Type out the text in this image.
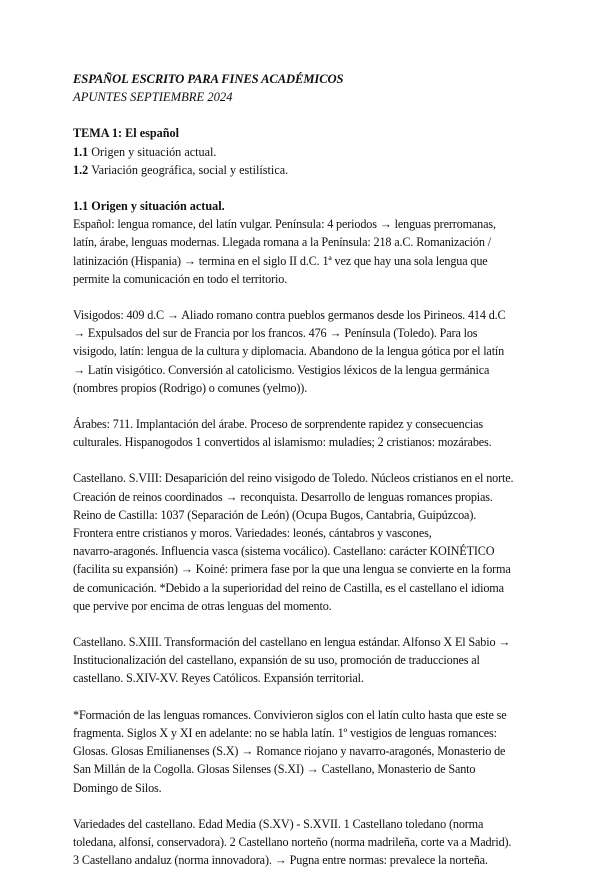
ESPAÑOL ESCRITO PARA FINES ACADÉMICOS

APUNTES SEPTIEMBRE 2024

TEMA 1: El español

1.1 Origen y situación actual.

1.2 Variación geográfica, social y estilística.

1.1 Origen y situación actual.

Español: lengua romance, del latín vulgar. Península: 4 periodos → lenguas prerromanas,
latín, árabe, lenguas modernas. Llegada romana a la Península: 218 a.C. Romanización /
latinización (Hispania) → termina en el siglo II d.C. 1ª vez que hay una sola lengua que
permite la comunicación en todo el territorio.

Visigodos: 409 d.C → Aliado romano contra pueblos germanos desde los Pirineos. 414 d.C
→ Expulsados del sur de Francia por los francos. 476 → Península (Toledo). Para los
visigodo, latín: lengua de la cultura y diplomacia. Abandono de la lengua gótica por el latín
→ Latín visigótico. Conversión al catolicismo. Vestigios léxicos de la lengua germánica
(nombres propios (Rodrigo) o comunes (yelmo)).

Árabes: 711. Implantación del árabe. Proceso de sorprendente rapidez y consecuencias
culturales. Hispanogodos 1 convertidos al islamismo: muladíes; 2 cristianos: mozárabes.

Castellano. S.VIII: Desaparición del reino visigodo de Toledo. Núcleos cristianos en el norte.
Creación de reinos coordinados → reconquista. Desarrollo de lenguas romances propias.
Reino de Castilla: 1037 (Separación de León) (Ocupa Bugos, Cantabria, Guipúzcoa).
Frontera entre cristianos y moros. Variedades: leonés, cántabros y vascones,
navarro-aragonés. Influencia vasca (sistema vocálico). Castellano: carácter KOINÉTICO
(facilita su expansión) → Koiné: primera fase por la que una lengua se convierte en la forma
de comunicación. *Debido a la superioridad del reino de Castilla, es el castellano el idioma
que pervive por encima de otras lenguas del momento.

Castellano. S.XIII. Transformación del castellano en lengua estándar. Alfonso X El Sabio →
Institucionalización del castellano, expansión de su uso, promoción de traducciones al
castellano. S.XIV-XV. Reyes Católicos. Expansión territorial.

*Formación de las lenguas romances. Convivieron siglos con el latín culto hasta que este se
fragmenta. Siglos X y XI en adelante: no se habla latín. 1º vestigios de lenguas romances:
Glosas. Glosas Emilianenses (S.X) → Romance riojano y navarro-aragonés, Monasterio de
San Millán de la Cogolla. Glosas Silenses (S.XI) → Castellano, Monasterio de Santo
Domingo de Silos.

Variedades del castellano. Edad Media (S.XV) - S.XVII. 1 Castellano toledano (norma
toledana, alfonsí, conservadora). 2 Castellano norteño (norma madrileña, corte va a Madrid).
3 Castellano andaluz (norma innovadora). → Pugna entre normas: prevalece la norteña.
